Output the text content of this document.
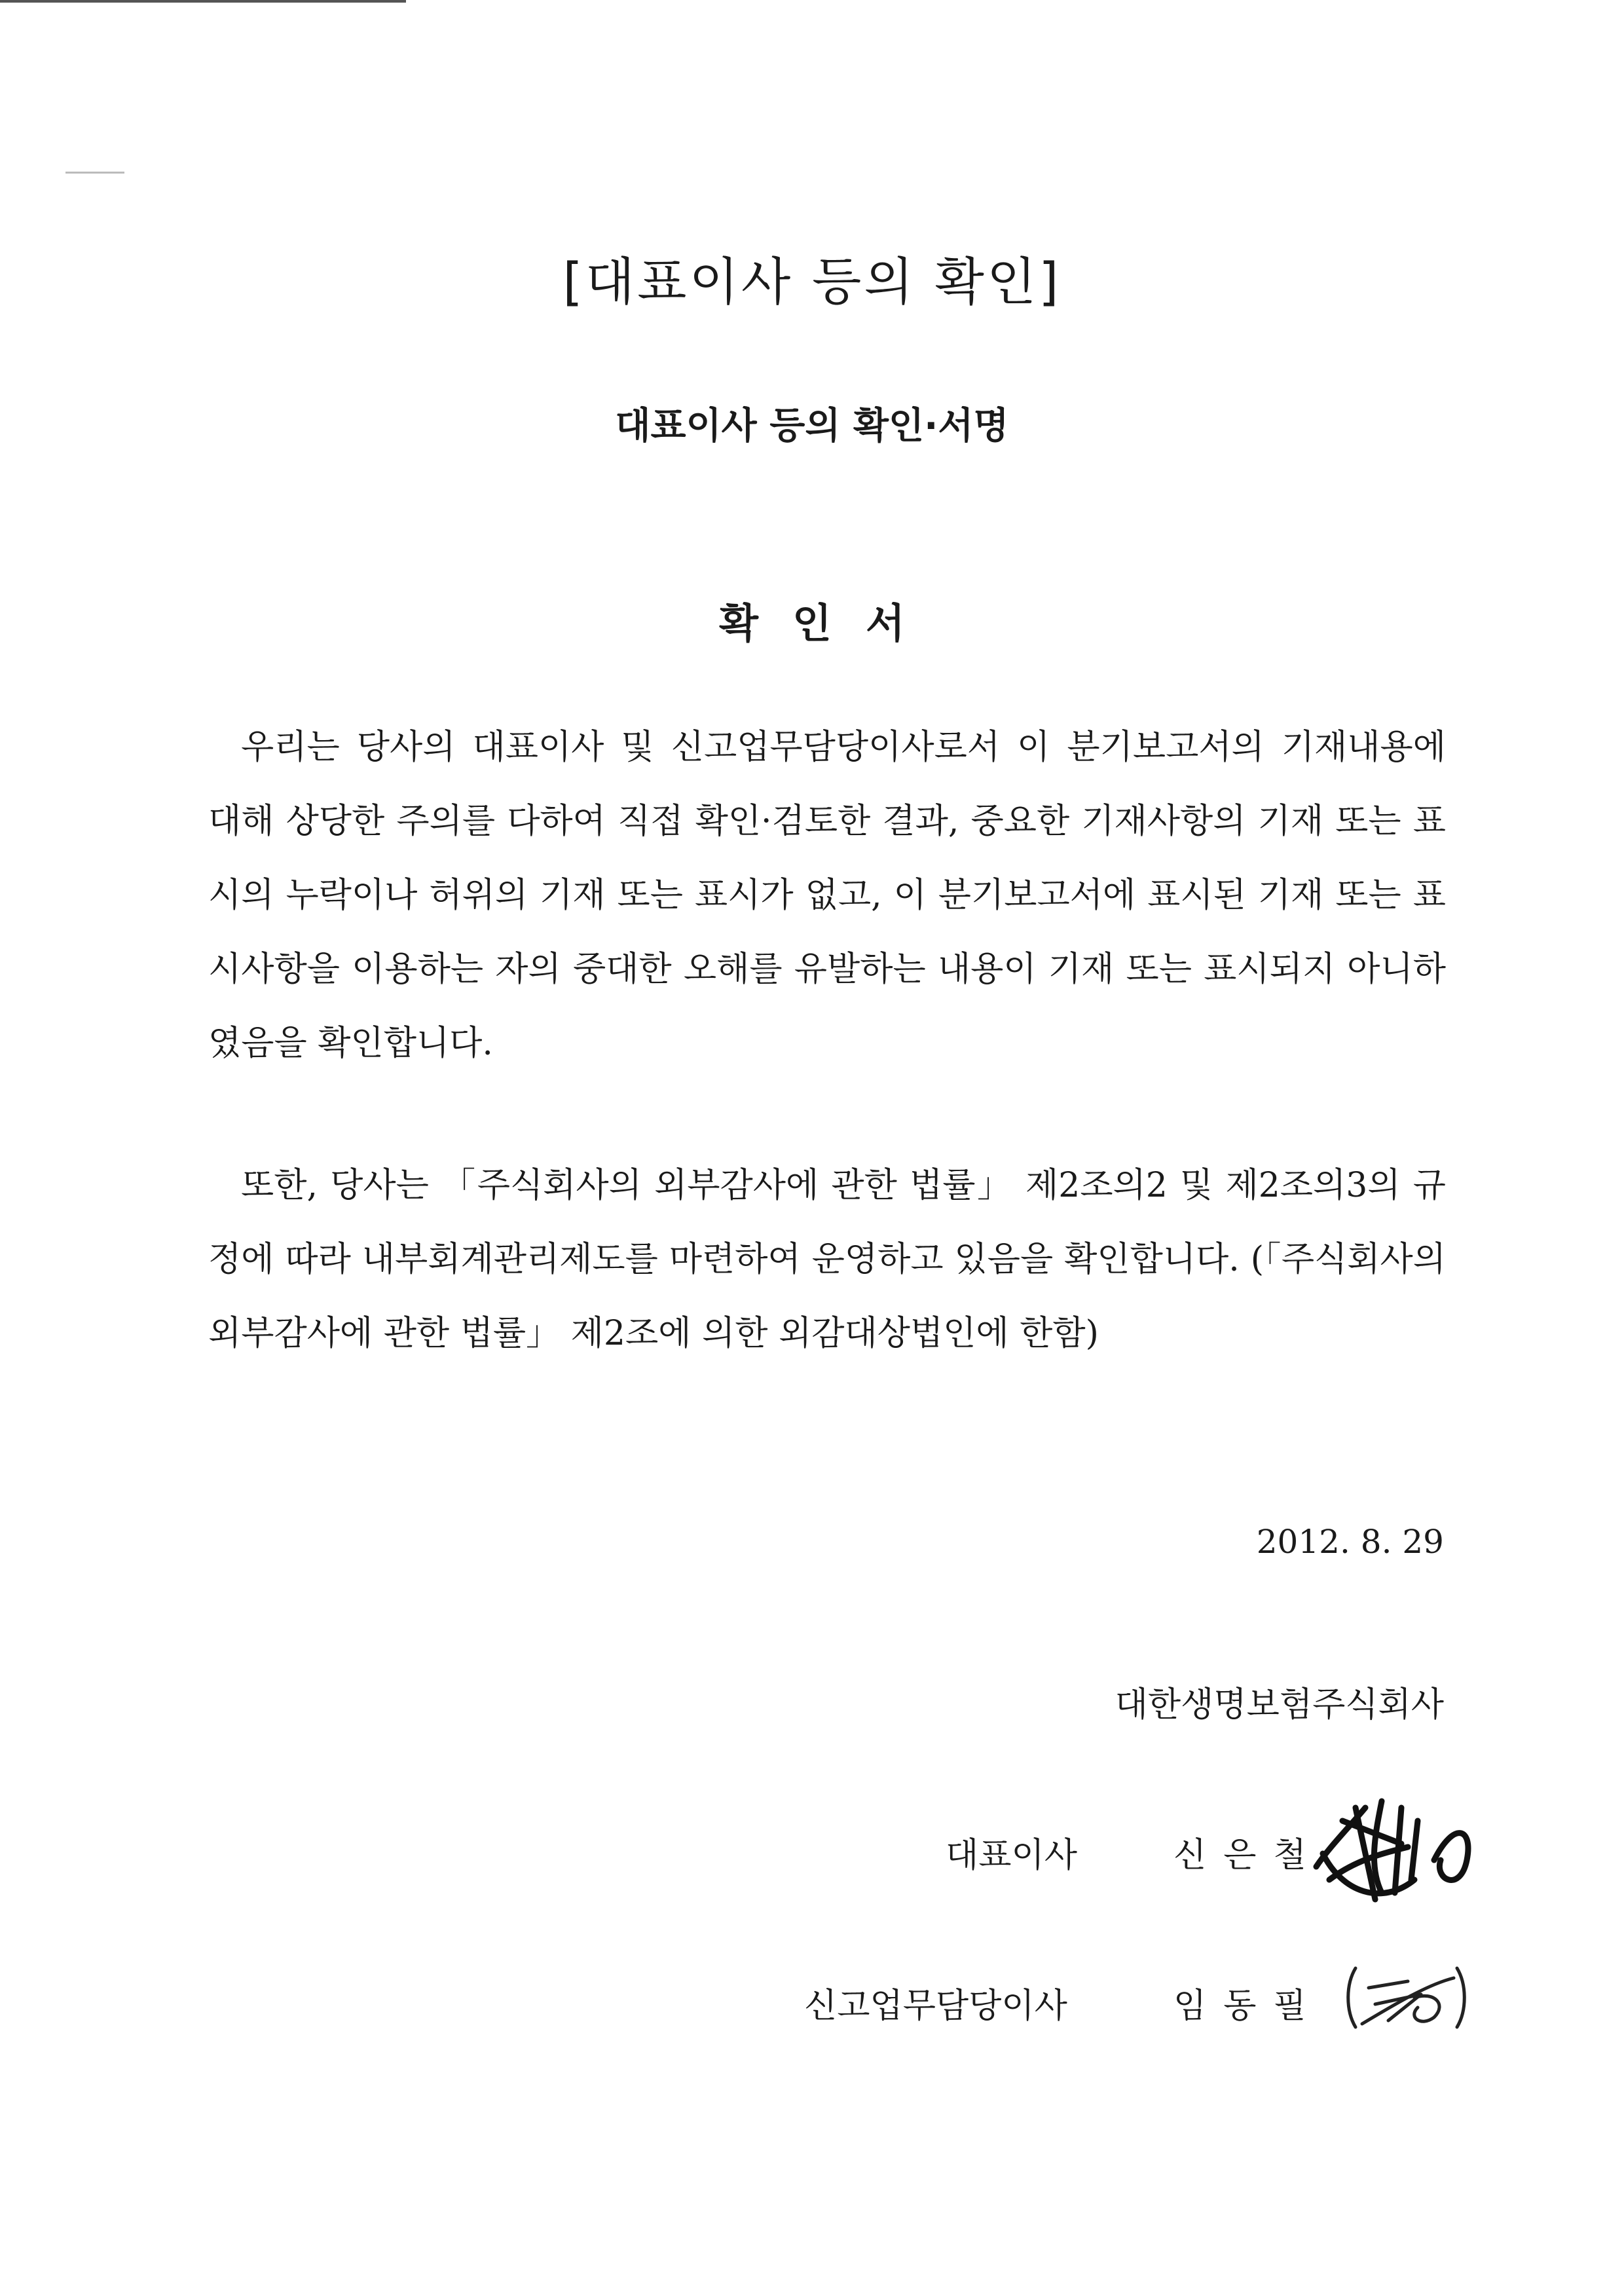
[대표이사 등의 확인]
대표이사 등의 확인·서명
확인서

우리는 당사의 대표이사 및 신고업무담당이사로서 이 분기보고서의 기재내용에 대해 상당한 주의를 다하여 직접 확인·검토한 결과, 중요한 기재사항의 기재 또는 표시의 누락이나 허위의 기재 또는 표시가 없고, 이 분기보고서에 표시된 기재 또는 표시사항을 이용하는 자의 중대한 오해를 유발하는 내용이 기재 또는 표시되지 아니하였음을 확인합니다.

또한, 당사는 「주식회사의 외부감사에 관한 법률」 제2조의2 및 제2조의3의 규정에 따라 내부회계관리제도를 마련하여 운영하고 있음을 확인합니다. (「주식회사의 외부감사에 관한 법률」 제2조에 의한 외감대상법인에 한함)

2012. 8. 29
대한생명보험주식회사
대표이사	신은철
신고업무담당이사	임동필
